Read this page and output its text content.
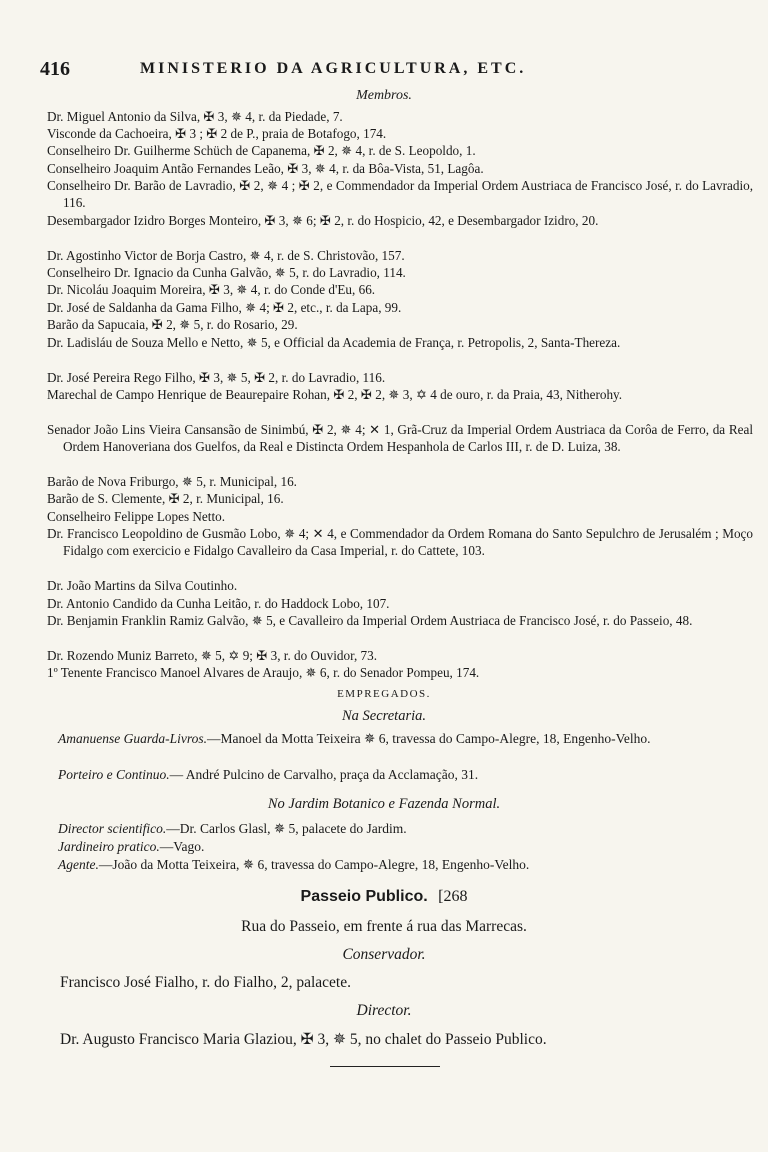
416	MINISTERIO DA AGRICULTURA, ETC.
Membros.
Dr. Miguel Antonio da Silva, ✠ 3, ✵ 4, r. da Piedade, 7.
Visconde da Cachoeira, ✠ 3 ; ✠ 2 de P., praia de Botafogo, 174.
Conselheiro Dr. Guilherme Schüch de Capanema, ✠ 2, ✵ 4, r. de S. Leopoldo, 1.
Conselheiro Joaquim Antão Fernandes Leão, ✠ 3, ✵ 4, r. da Bôa-Vista, 51, Lagôa.
Conselheiro Dr. Barão de Lavradio, ✠ 2, ✵ 4 ; ✠ 2, e Commendador da Imperial Ordem Austriaca de Francisco José, r. do Lavradio, 116.
Desembargador Izidro Borges Monteiro, ✠ 3, ✵ 6; ✠ 2, r. do Hospicio, 42, e Desembargador Izidro, 20.
Dr. Agostinho Victor de Borja Castro, ✵ 4, r. de S. Christovão, 157.
Conselheiro Dr. Ignacio da Cunha Galvão, ✵ 5, r. do Lavradio, 114.
Dr. Nicoláu Joaquim Moreira, ✠ 3, ✵ 4, r. do Conde d'Eu, 66.
Dr. José de Saldanha da Gama Filho, ✵ 4; ✠ 2, etc., r. da Lapa, 99.
Barão da Sapucaia, ✠ 2, ✵ 5, r. do Rosario, 29.
Dr. Ladisláu de Souza Mello e Netto, ✵ 5, e Official da Academia de França, r. Petropolis, 2, Santa-Thereza.
Dr. José Pereira Rego Filho, ✠ 3, ✵ 5, ✠ 2, r. do Lavradio, 116.
Marechal de Campo Henrique de Beaurepaire Rohan, ✠ 2, ✠ 2, ✵ 3, ✡ 4 de ouro, r. da Praia, 43, Nitherohy.
Senador João Lins Vieira Cansansão de Sinimbú, ✠ 2, ✵ 4; ✕ 1, Grã-Cruz da Imperial Ordem Austriaca da Corôa de Ferro, da Real Ordem Hanoveriana dos Guelfos, da Real e Distincta Ordem Hespanhola de Carlos III, r. de D. Luiza, 38.
Barão de Nova Friburgo, ✵ 5, r. Municipal, 16.
Barão de S. Clemente, ✠ 2, r. Municipal, 16.
Conselheiro Felippe Lopes Netto.
Dr. Francisco Leopoldino de Gusmão Lobo, ✵ 4; ✕ 4, e Commendador da Ordem Romana do Santo Sepulchro de Jerusalém ; Moço Fidalgo com exercicio e Fidalgo Cavalleiro da Casa Imperial, r. do Cattete, 103.
Dr. João Martins da Silva Coutinho.
Dr. Antonio Candido da Cunha Leitão, r. do Haddock Lobo, 107.
Dr. Benjamin Franklin Ramiz Galvão, ✵ 5, e Cavalleiro da Imperial Ordem Austriaca de Francisco José, r. do Passeio, 48.
Dr. Rozendo Muniz Barreto, ✵ 5, ✡ 9; ✠ 3, r. do Ouvidor, 73.
1º Tenente Francisco Manoel Alvares de Araujo, ✵ 6, r. do Senador Pompeu, 174.
EMPREGADOS.
Na Secretaria.
Amanuense Guarda-Livros.—Manoel da Motta Teixeira ✵ 6, travessa do Campo-Alegre, 18, Engenho-Velho.
Porteiro e Continuo.— André Pulcino de Carvalho, praça da Acclamação, 31.
No Jardim Botanico e Fazenda Normal.
Director scientifico.—Dr. Carlos Glasl, ✵ 5, palacete do Jardim.
Jardineiro pratico.—Vago.
Agente.—João da Motta Teixeira, ✵ 6, travessa do Campo-Alegre, 18, Engenho-Velho.
Passeio Publico. [268
Rua do Passeio, em frente á rua das Marrecas.
Conservador.
Francisco José Fialho, r. do Fialho, 2, palacete.
Director.
Dr. Augusto Francisco Maria Glaziou, ✠ 3, ✵ 5, no chalet do Passeio Publico.
